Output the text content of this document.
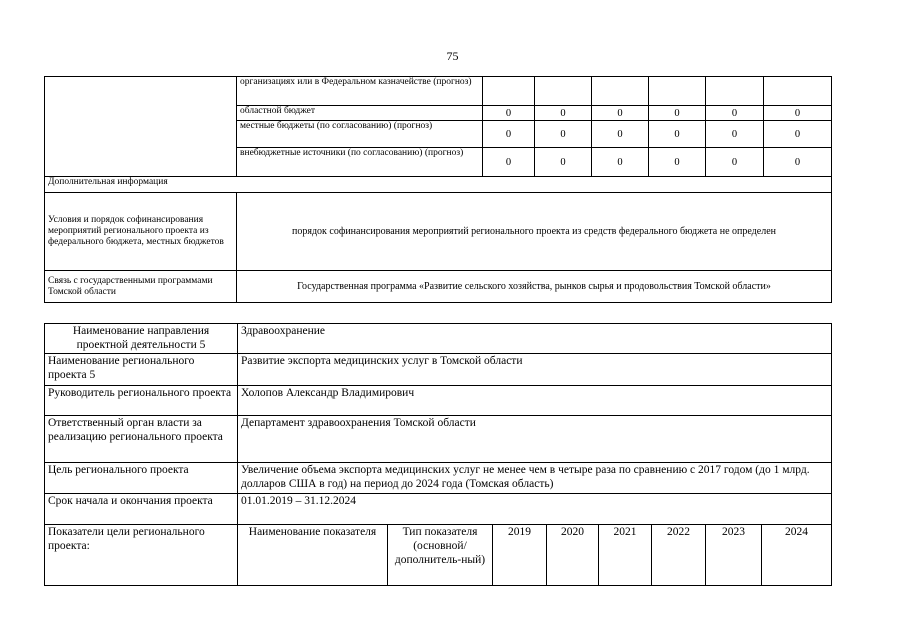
75
	организациях или в Федеральном казначействе (прогноз)						
	областной бюджет	0	0	0	0	0	0
	местные бюджеты (по согласованию) (прогноз)	0	0	0	0	0	0
	внебюджетные источники (по согласованию) (прогноз)	0	0	0	0	0	0
Дополнительная информация							
Условия и порядок софинансирования мероприятий регионального проекта из федерального бюджета, местных бюджетов	порядок софинансирования мероприятий регионального проекта из средств федерального бюджета не определен						
Связь с государственными программами Томской области	Государственная программа «Развитие сельского хозяйства, рынков сырья и продовольствия Томской области»						
Наименование направления проектной деятельности 5	Здравоохранение							
Наименование регионального проекта 5	Развитие экспорта медицинских услуг в Томской области							
Руководитель регионального проекта	Холопов Александр Владимирович							
Ответственный орган власти за реализацию регионального проекта	Департамент здравоохранения Томской области							
Цель регионального проекта	Увеличение объема экспорта медицинских услуг не менее чем в четыре раза по сравнению с 2017 годом (до 1 млрд. долларов США в год) на период до 2024 года (Томская область)							
Срок начала и окончания проекта	01.01.2019 – 31.12.2024							
Показатели цели регионального проекта:	Наименование показателя	Тип показателя (основной/ дополнитель-ный)	2019	2020	2021	2022	2023	2024
